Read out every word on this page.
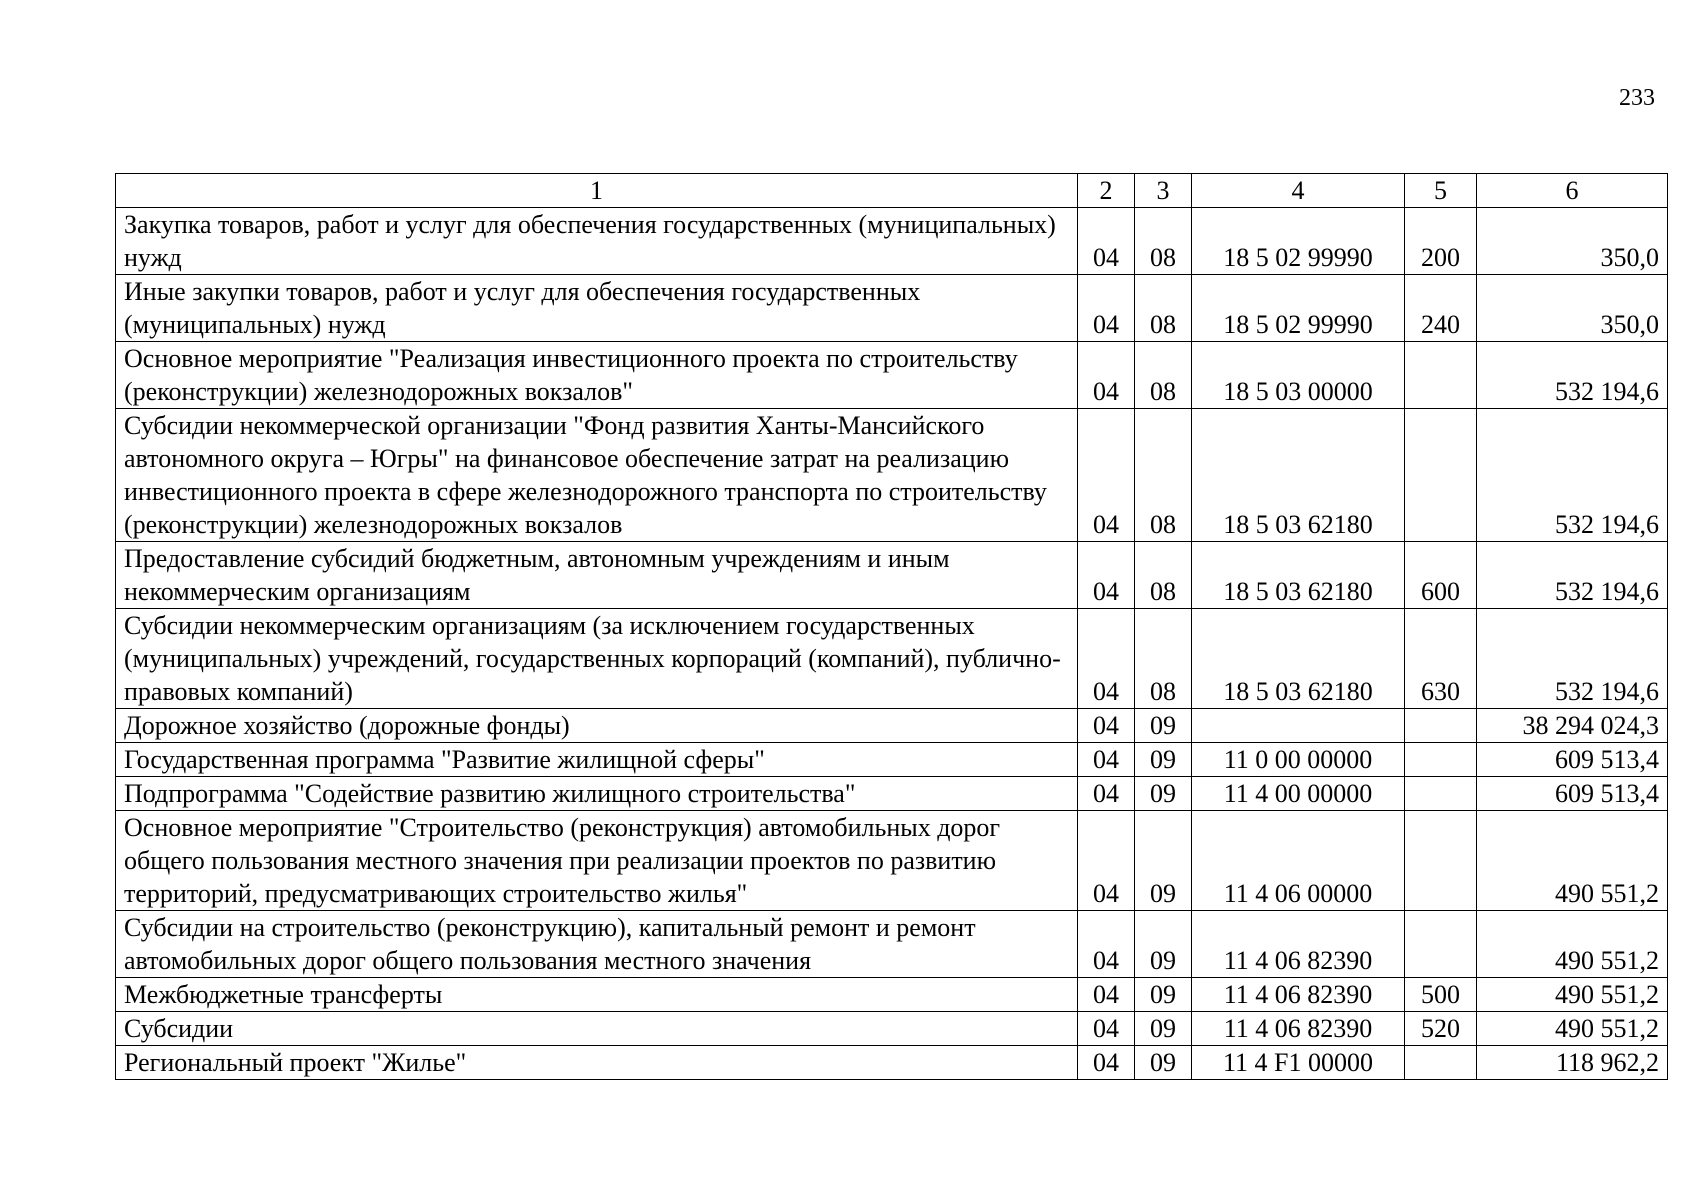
233
1	2	3	4	5	6
Закупка товаров, работ и услуг для обеспечения государственных (муниципальных) нужд	04	08	18 5 02 99990	200	350,0
Иные закупки товаров, работ и услуг для обеспечения государственных (муниципальных) нужд	04	08	18 5 02 99990	240	350,0
Основное мероприятие "Реализация инвестиционного проекта по строительству (реконструкции) железнодорожных вокзалов"	04	08	18 5 03 00000		532 194,6
Субсидии некоммерческой организации "Фонд развития Ханты-Мансийского автономного округа – Югры" на финансовое обеспечение затрат на реализацию инвестиционного проекта в сфере железнодорожного транспорта по строительству (реконструкции) железнодорожных вокзалов	04	08	18 5 03 62180		532 194,6
Предоставление субсидий бюджетным, автономным учреждениям и иным некоммерческим организациям	04	08	18 5 03 62180	600	532 194,6
Субсидии некоммерческим организациям (за исключением государственных (муниципальных) учреждений, государственных корпораций (компаний), публично-правовых компаний)	04	08	18 5 03 62180	630	532 194,6
Дорожное хозяйство (дорожные фонды)	04	09			38 294 024,3
Государственная программа "Развитие жилищной сферы"	04	09	11 0 00 00000		609 513,4
Подпрограмма "Содействие развитию жилищного строительства"	04	09	11 4 00 00000		609 513,4
Основное мероприятие "Строительство (реконструкция) автомобильных дорог общего пользования местного значения при реализации проектов по развитию территорий, предусматривающих строительство жилья"	04	09	11 4 06 00000		490 551,2
Субсидии на строительство (реконструкцию), капитальный ремонт и ремонт автомобильных дорог общего пользования местного значения	04	09	11 4 06 82390		490 551,2
Межбюджетные трансферты	04	09	11 4 06 82390	500	490 551,2
Субсидии	04	09	11 4 06 82390	520	490 551,2
Региональный проект "Жилье"	04	09	11 4 F1 00000		118 962,2
